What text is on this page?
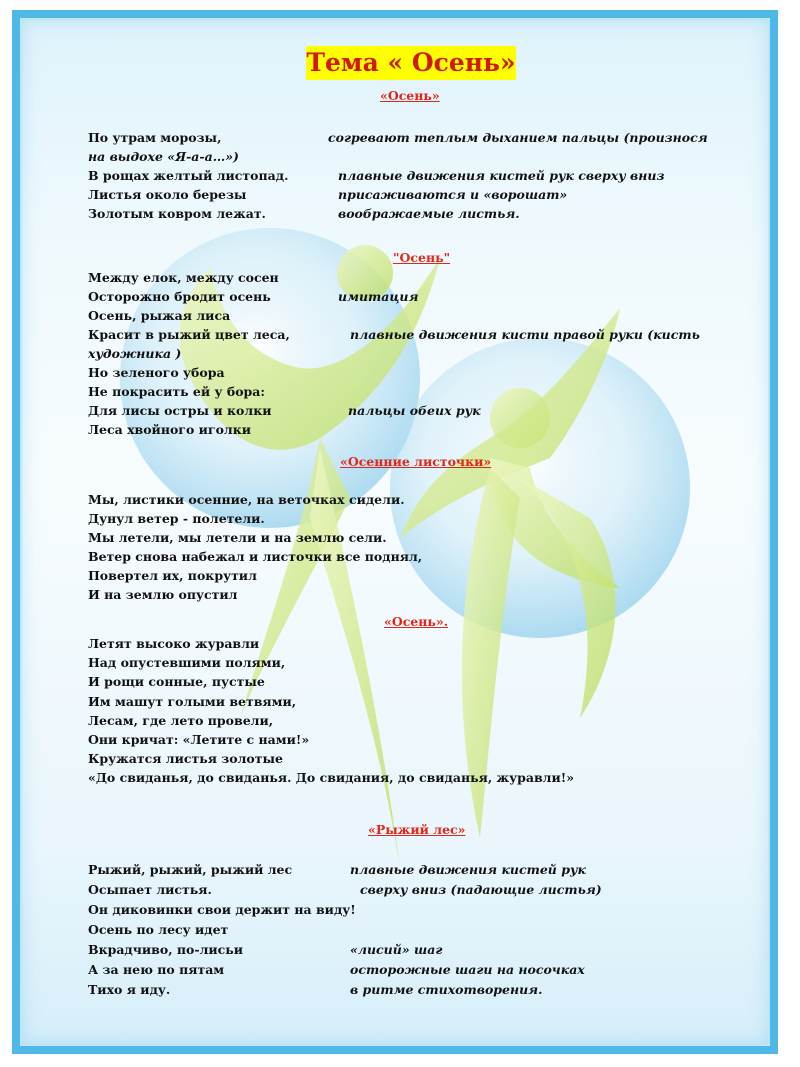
Тема « Осень»
«Осень»
По утрам морозы,	согревают теплым дыханием пальцы (произнося
на выдохе «Я-а-а…»)
В рощах желтый листопад.	плавные движения кистей рук сверху вниз
Листья около березы	присаживаются и «ворошат»
Золотым ковром лежат.	воображаемые листья.
"Осень"
Между елок, между сосен
Осторожно бродит осень	имитация
Осень, рыжая лиса
Красит в рыжий цвет леса,	плавные движения кисти правой руки (кисть
художника )
Но зеленого убора
Не покрасить ей у бора:
Для лисы остры и колки	пальцы обеих рук
Леса хвойного иголки
«Осенние листочки»
Мы, листики осенние, на веточках сидели.
Дунул ветер - полетели.
Мы летели, мы летели и на землю сели.
Ветер снова набежал и листочки все поднял,
Повертел их, покрутил
И на землю опустил
«Осень».
Летят высоко журавли
Над опустевшими полями,
И рощи сонные, пустые
Им машут голыми ветвями,
Лесам, где лето провели,
Они кричат: «Летите с нами!»
Кружатся листья золотые
«До свиданья, до свиданья. До свидания, до свиданья, журавли!»
«Рыжий лес»
Рыжий, рыжий, рыжий лес	плавные движения кистей рук
Осыпает листья.	сверху вниз (падающие листья)
Он диковинки свои держит на виду!
Осень по лесу идет
Вкрадчиво, по-лисьи	«лисий» шаг
А за нею по пятам	осторожные шаги на носочках
Тихо я иду.	в ритме стихотворения.
